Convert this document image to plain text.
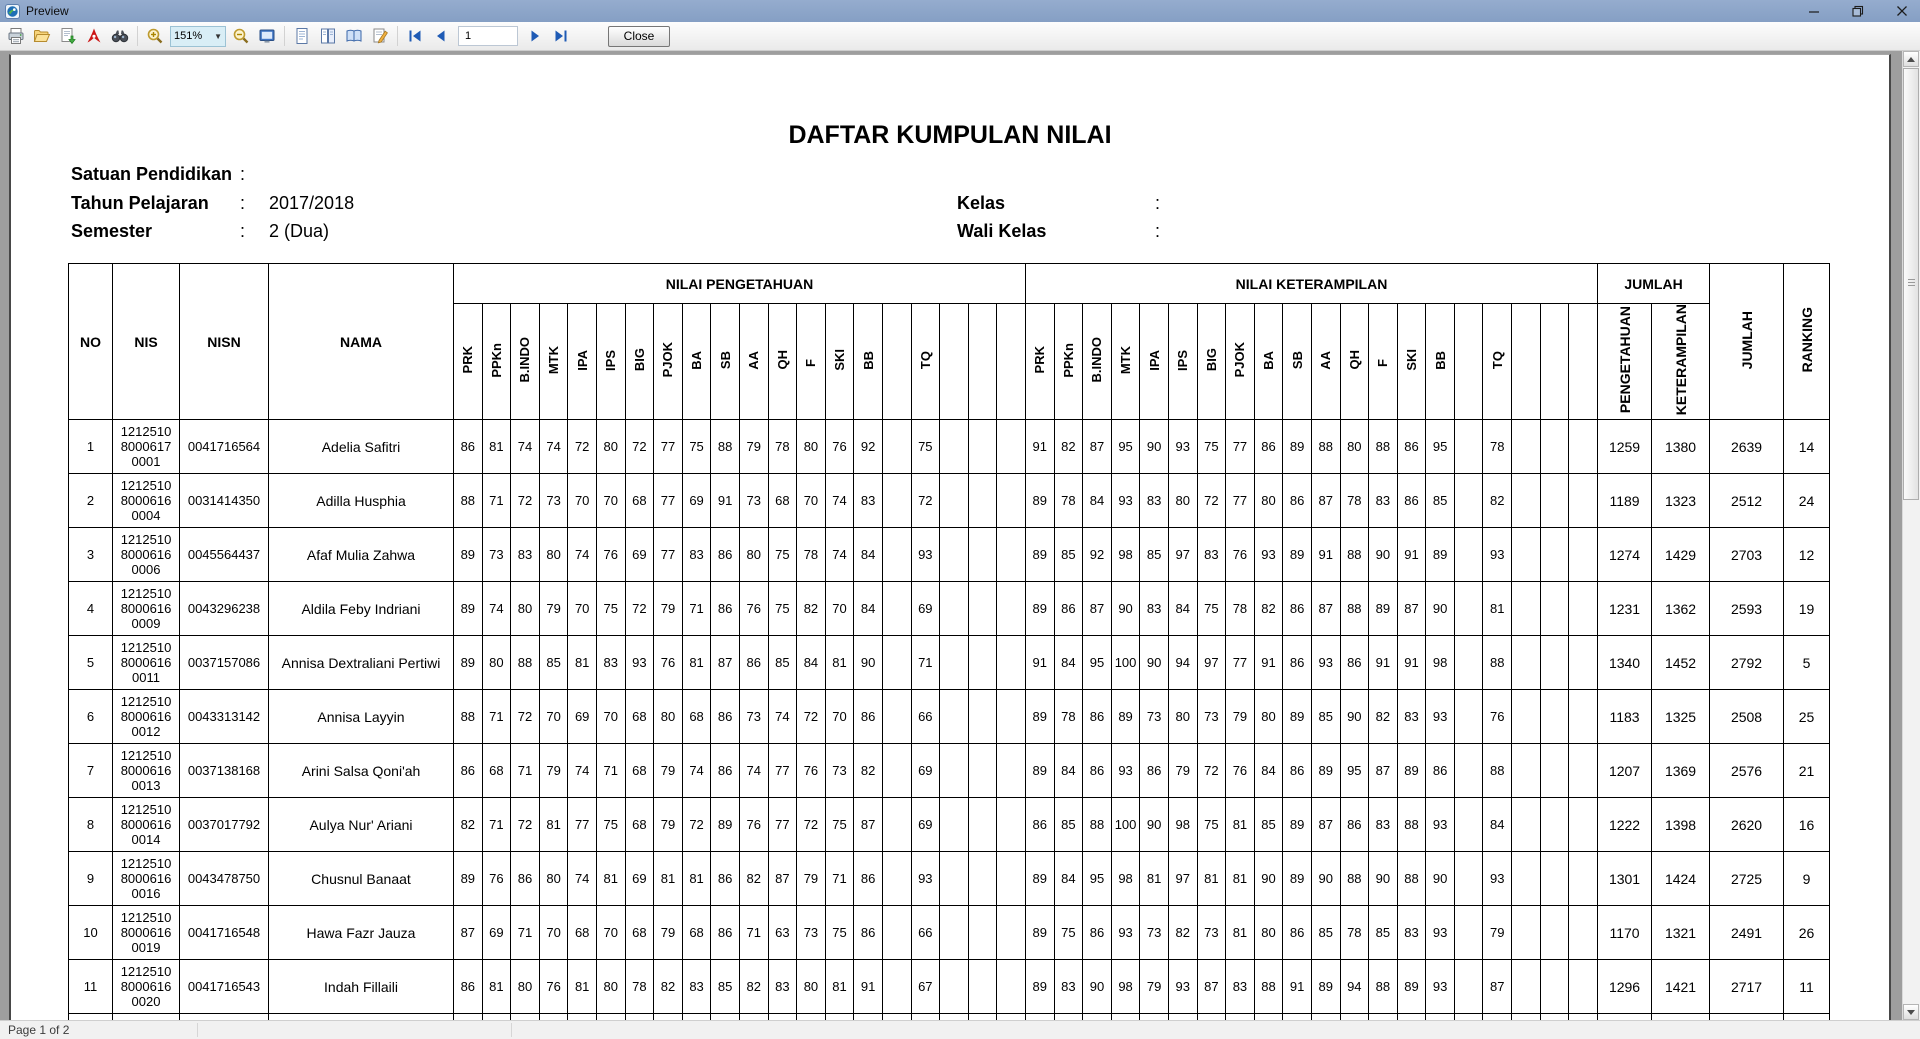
Preview
151% ▼
1	Close
DAFTAR KUMPULAN NILAI
Satuan Pendidikan :
Tahun Pelajaran : 2017/2018
Semester	: 2 (Dua)
Kelas	:
Wali Kelas	:
NO	NIS	NISN	NAMA	NILAI PENGETAHUAN																				NILAI KETERAMPILAN																				JUMLAH		JUMLAH	RANKING
				PRK	PPKn	B.INDO	MTK	IPA	IPS	BIG	PJOK	BA	SB	AA	QH	F	SKI	BB		TQ				PRK	PPKn	B.INDO	MTK	IPA	IPS	BIG	PJOK	BA	SB	AA	QH	F	SKI	BB		TQ				PENGETAHUAN	KETERAMPILAN		
1	1212510
8000617
0001	0041716564	Adelia Safitri	86	81	74	74	72	80	72	77	75	88	79	78	80	76	92		75				91	82	87	95	90	93	75	77	86	89	88	80	88	86	95		78				1259	1380	2639	14
2	1212510
8000616
0004	0031414350	Adilla Husphia	88	71	72	73	70	70	68	77	69	91	73	68	70	74	83		72				89	78	84	93	83	80	72	77	80	86	87	78	83	86	85		82				1189	1323	2512	24
3	1212510
8000616
0006	0045564437	Afaf Mulia Zahwa	89	73	83	80	74	76	69	77	83	86	80	75	78	74	84		93				89	85	92	98	85	97	83	76	93	89	91	88	90	91	89		93				1274	1429	2703	12
4	1212510
8000616
0009	0043296238	Aldila Feby Indriani	89	74	80	79	70	75	72	79	71	86	76	75	82	70	84		69				89	86	87	90	83	84	75	78	82	86	87	88	89	87	90		81				1231	1362	2593	19
5	1212510
8000616
0011	0037157086	Annisa Dextraliani Pertiwi	89	80	88	85	81	83	93	76	81	87	86	85	84	81	90		71				91	84	95	100	90	94	97	77	91	86	93	86	91	91	98		88				1340	1452	2792	5
6	1212510
8000616
0012	0043313142	Annisa Layyin	88	71	72	70	69	70	68	80	68	86	73	74	72	70	86		66				89	78	86	89	73	80	73	79	80	89	85	90	82	83	93		76				1183	1325	2508	25
7	1212510
8000616
0013	0037138168	Arini Salsa Qoni'ah	86	68	71	79	74	71	68	79	74	86	74	77	76	73	82		69				89	84	86	93	86	79	72	76	84	86	89	95	87	89	86		88				1207	1369	2576	21
8	1212510
8000616
0014	0037017792	Aulya Nur' Ariani	82	71	72	81	77	75	68	79	72	89	76	77	72	75	87		69				86	85	88	100	90	98	75	81	85	89	87	86	83	88	93		84				1222	1398	2620	16
9	1212510
8000616
0016	0043478750	Chusnul Banaat	89	76	86	80	74	81	69	81	81	86	82	87	79	71	86		93				89	84	95	98	81	97	81	81	90	89	90	88	90	88	90		93				1301	1424	2725	9
10	1212510
8000616
0019	0041716548	Hawa Fazr Jauza	87	69	71	70	68	70	68	79	68	86	71	63	73	75	86		66				89	75	86	93	73	82	73	81	80	86	85	78	85	83	93		79				1170	1321	2491	26
11	1212510
8000616
0020	0041716543	Indah Fillaili	86	81	80	76	81	80	78	82	83	85	82	83	80	81	91		67				89	83	90	98	79	93	87	83	88	91	89	94	88	89	93		87				1296	1421	2717	11

Page 1 of 2
